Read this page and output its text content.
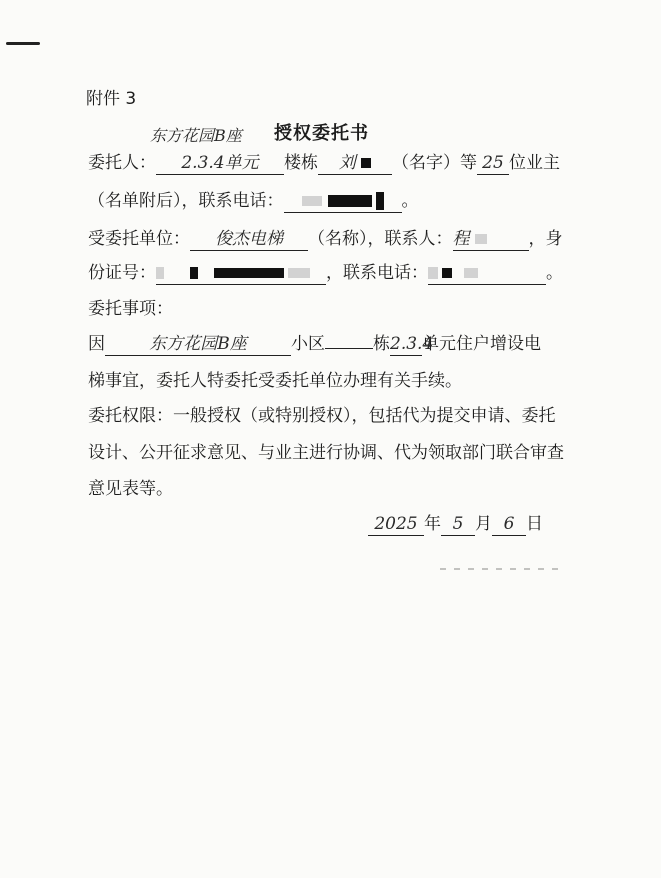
附件 3
授权委托书
东方花园B座
委托人： 2.3.4单元 楼栋 刘 （名字）等 25 位业主
（名单附后），联系电话：	。
受委托单位： 俊杰电梯 （名称），联系人：程	，身
份证号：	，联系电话：	。
委托事项：
因	东方花园B座	小区	栋2.3.4单元住户增设电
梯事宜，委托人特委托受委托单位办理有关手续。
委托权限：一般授权（或特别授权），包括代为提交申请、委托
设计、公开征求意见、与业主进行协调、代为领取部门联合审查
意见表等。
2025 年 5 月 6 日
